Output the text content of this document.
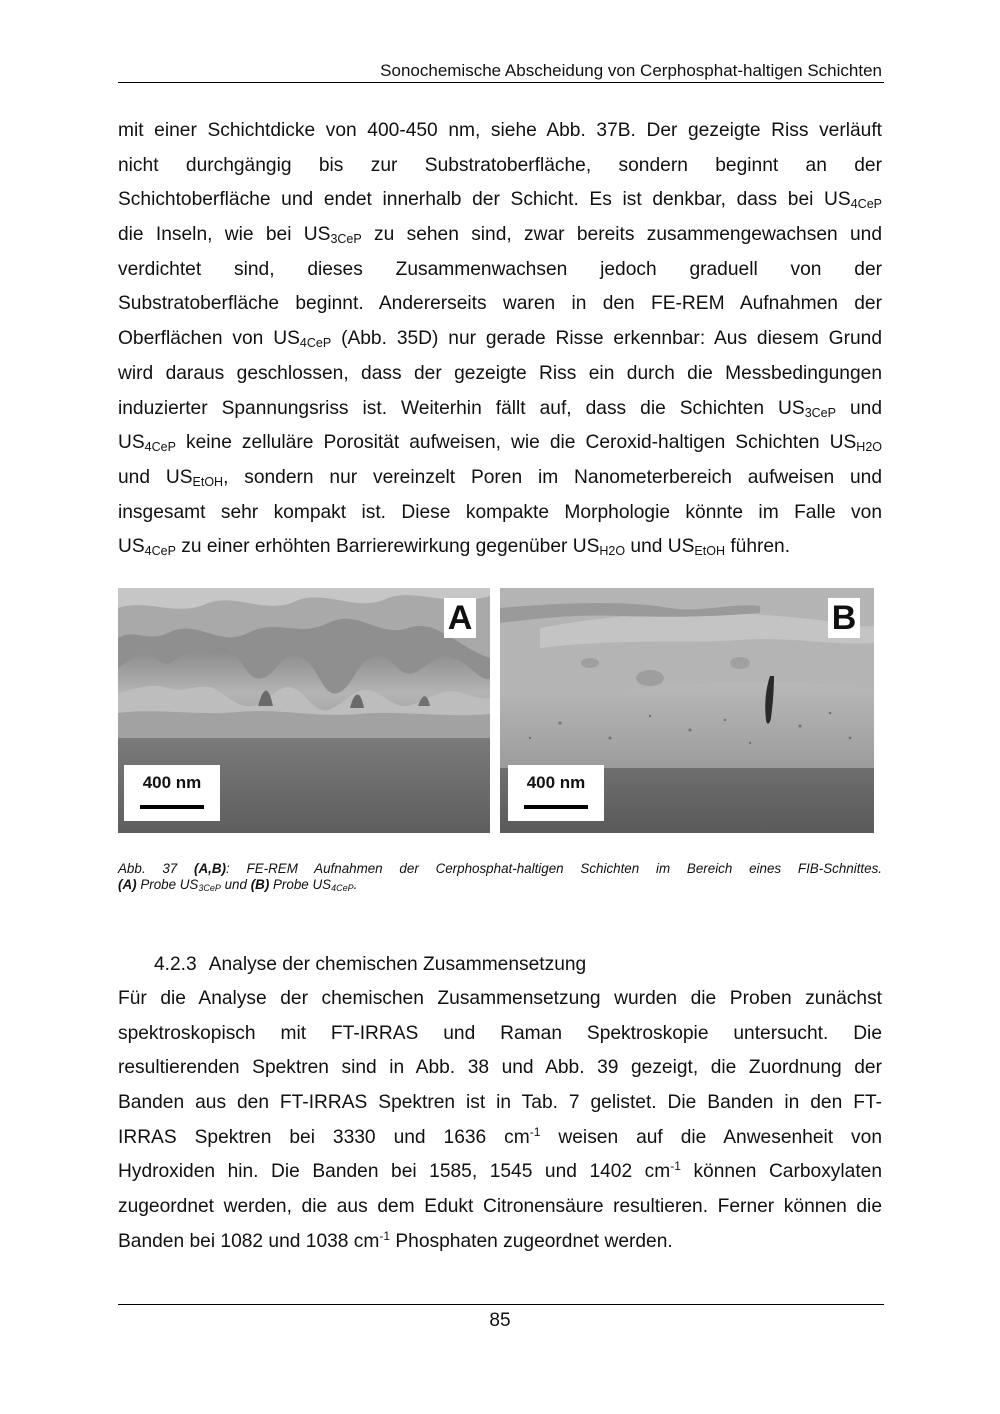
Sonochemische Abscheidung von Cerphosphat-haltigen Schichten
mit einer Schichtdicke von 400-450 nm, siehe Abb. 37B. Der gezeigte Riss verläuft
nicht durchgängig bis zur Substratoberfläche, sondern beginnt an der
Schichtoberfläche und endet innerhalb der Schicht. Es ist denkbar, dass bei $US_{4CeP}$
die Inseln, wie bei $US_{3CeP}$ zu sehen sind, zwar bereits zusammengewachsen und
verdichtet sind, dieses Zusammenwachsen jedoch graduell von der
Substratoberfläche beginnt. Andererseits waren in den FE-REM Aufnahmen der
Oberflächen von $US_{4CeP}$ (Abb. 35D) nur gerade Risse erkennbar: Aus diesem Grund
wird daraus geschlossen, dass der gezeigte Riss ein durch die Messbedingungen
induzierter Spannungsriss ist. Weiterhin fällt auf, dass die Schichten $US_{3CeP}$ und
$US_{4CeP}$ keine zelluläre Porosität aufweisen, wie die Ceroxid-haltigen Schichten $US_{H2O}$
und $US_{EtOH}$, sondern nur vereinzelt Poren im Nanometerbereich aufweisen und
insgesamt sehr kompakt ist. Diese kompakte Morphologie könnte im Falle von
$US_{4CeP}$ zu einer erhöhten Barrierewirkung gegenüber $US_{H2O}$ und $US_{EtOH}$ führen.
A
400 nm
B
400 nm
Abb. 37 (A,B): FE-REM Aufnahmen der Cerphosphat-haltigen Schichten im Bereich eines FIB-Schnittes.
(A) Probe $US_{3CeP}$ und (B) Probe $US_{4CeP}$.
4.2.3 Analyse der chemischen Zusammensetzung
Für die Analyse der chemischen Zusammensetzung wurden die Proben zunächst
spektroskopisch mit FT-IRRAS und Raman Spektroskopie untersucht. Die
resultierenden Spektren sind in Abb. 38 und Abb. 39 gezeigt, die Zuordnung der
Banden aus den FT-IRRAS Spektren ist in Tab. 7 gelistet. Die Banden in den FT-
IRRAS Spektren bei 3330 und 1636 $cm^{-1}$ weisen auf die Anwesenheit von
Hydroxiden hin. Die Banden bei 1585, 1545 und 1402 $cm^{-1}$ können Carboxylaten
zugeordnet werden, die aus dem Edukt Citronensäure resultieren. Ferner können die
Banden bei 1082 und 1038 $cm^{-1}$ Phosphaten zugeordnet werden.
85
